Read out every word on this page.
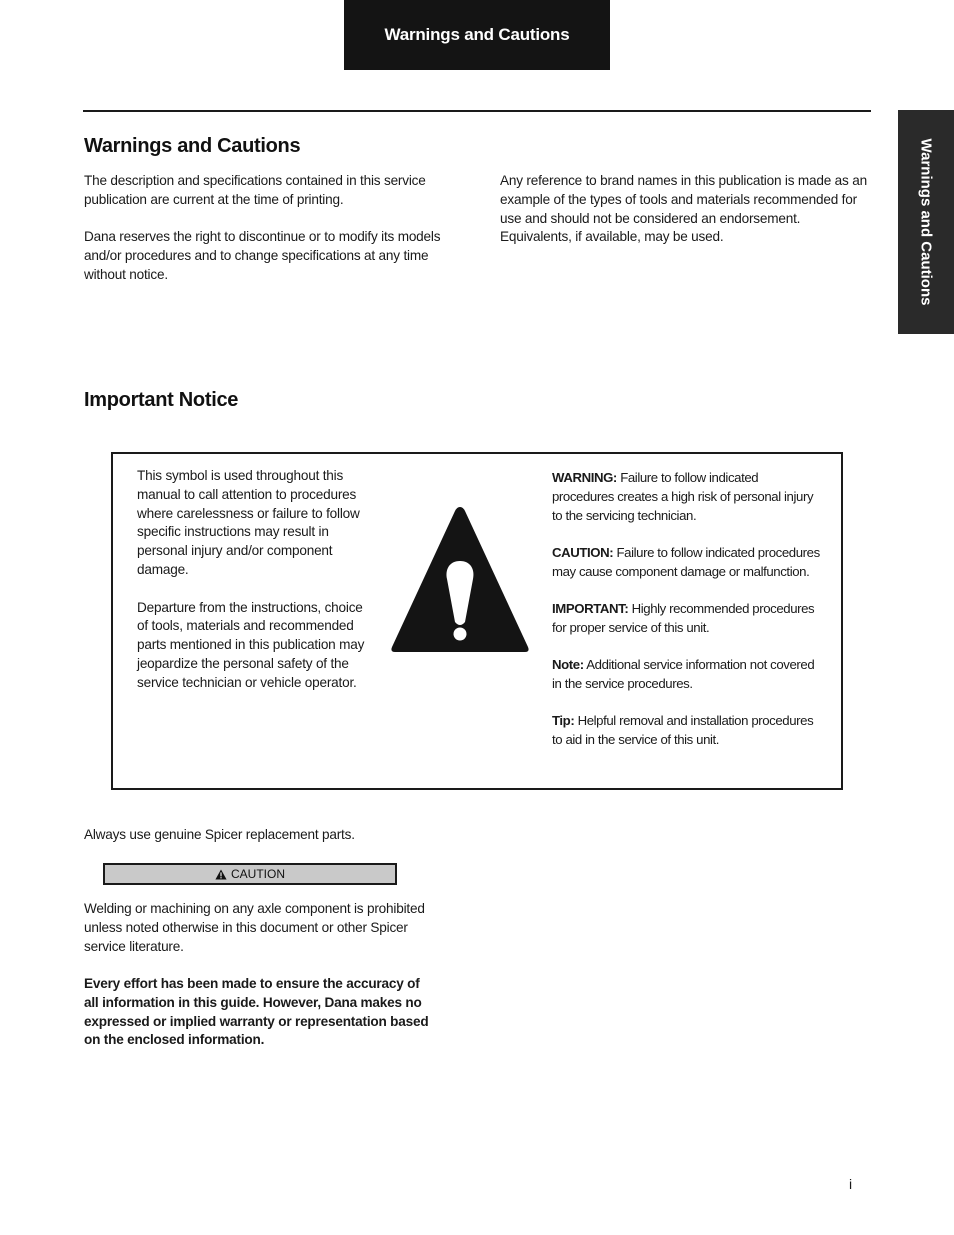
Warnings and Cautions
Warnings and Cautions
Warnings and Cautions

The description and specifications contained in this service publication are current at the time of printing.

Dana reserves the right to discontinue or to modify its models and/or procedures and to change specifications at any time without notice.

Any reference to brand names in this publication is made as an example of the types of tools and materials recommended for use and should not be considered an endorsement. Equivalents, if available, may be used.

Important Notice

This symbol is used throughout this manual to call attention to procedures where carelessness or failure to follow specific instructions may result in personal injury and/or component damage.

Departure from the instructions, choice of tools, materials and recommended parts mentioned in this publication may jeopardize the personal safety of the service technician or vehicle operator.

WARNING: Failure to follow indicated procedures creates a high risk of personal injury to the servicing technician.
CAUTION: Failure to follow indicated procedures may cause component damage or malfunction.
IMPORTANT: Highly recommended procedures for proper service of this unit.
Note: Additional service information not covered in the service procedures.
Tip: Helpful removal and installation procedures to aid in the service of this unit.

Always use genuine Spicer replacement parts.

CAUTION

Welding or machining on any axle component is prohibited unless noted otherwise in this document or other Spicer service literature.

Every effort has been made to ensure the accuracy of all information in this guide. However, Dana makes no expressed or implied warranty or representation based on the enclosed information.

i
